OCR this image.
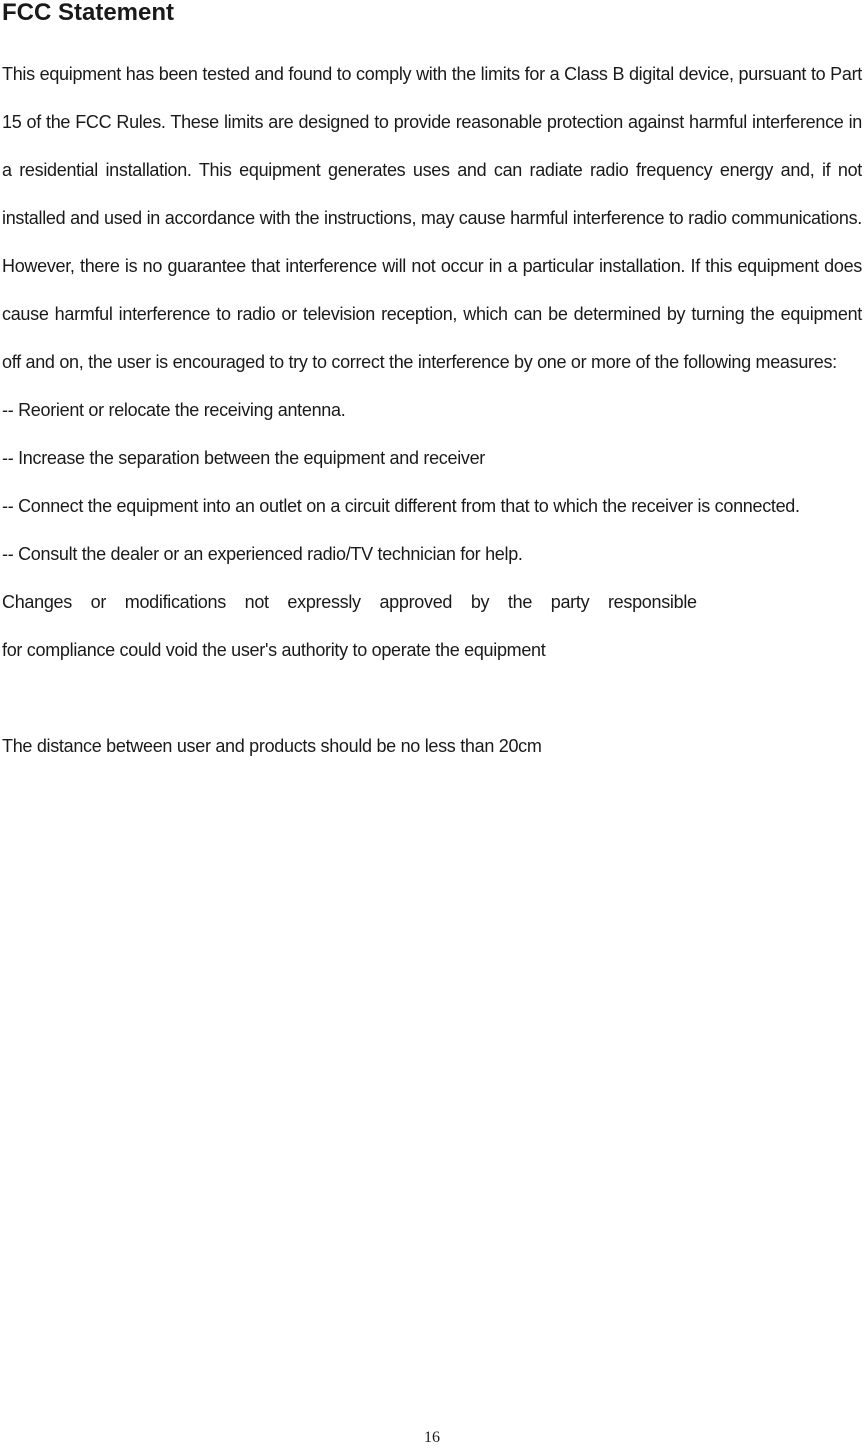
FCC Statement

This equipment has been tested and found to comply with the limits for a Class B digital device, pursuant to Part 15 of the FCC Rules. These limits are designed to provide reasonable protection against harmful interference in a residential installation. This equipment generates uses and can radiate radio frequency energy and, if not installed and used in accordance with the instructions, may cause harmful interference to radio communications. However, there is no guarantee that interference will not occur in a particular installation. If this equipment does cause harmful interference to radio or television reception, which can be determined by turning the equipment off and on, the user is encouraged to try to correct the interference by one or more of the following measures:

-- Reorient or relocate the receiving antenna.
-- Increase the separation between the equipment and receiver

-- Connect the equipment into an outlet on a circuit different from that to which the receiver is connected.

-- Consult the dealer or an experienced radio/TV technician for help.
Changes or modifications not expressly approved by the party responsible
for compliance could void the user's authority to operate the equipment
The distance between user and products should be no less than 20cm
16
